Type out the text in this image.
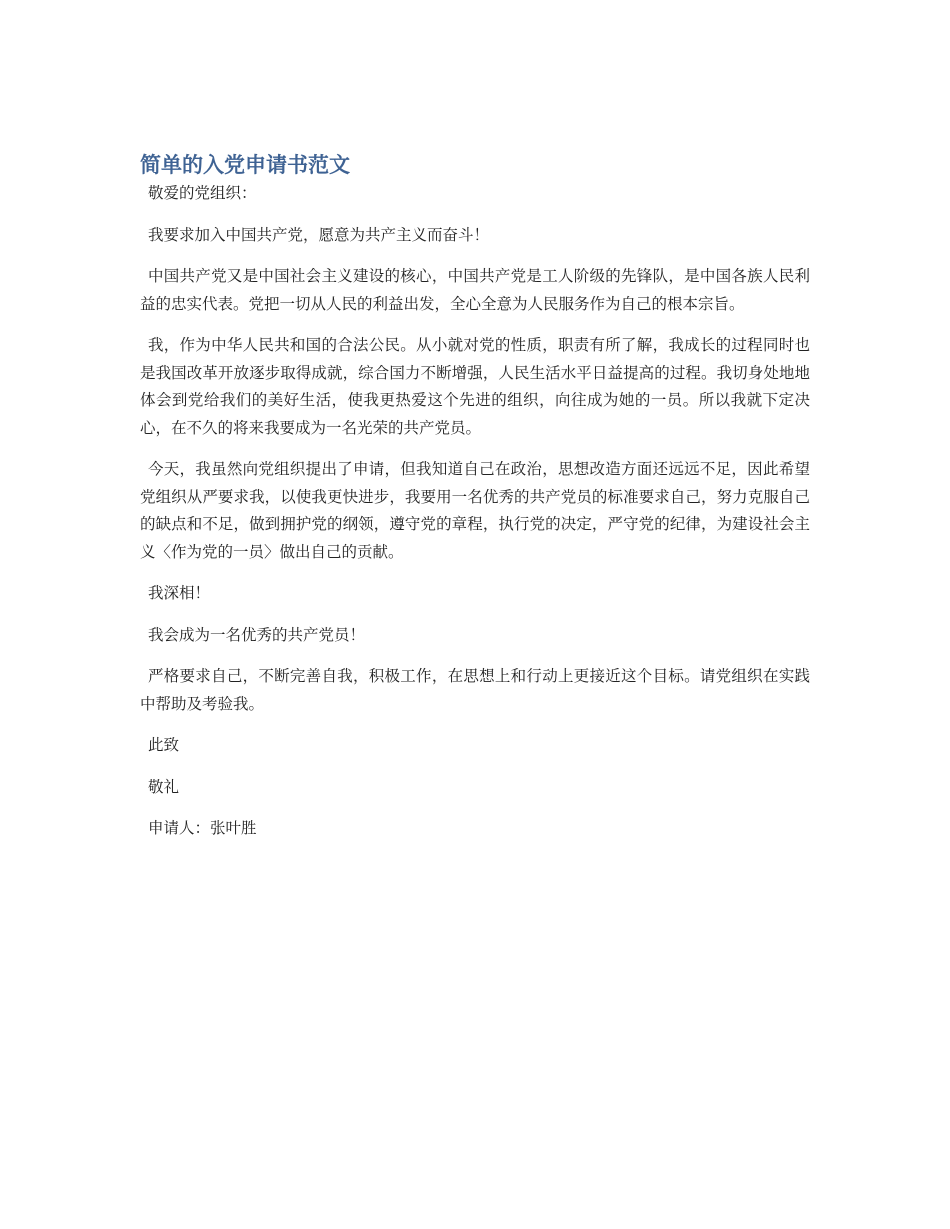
简单的入党申请书范文

敬爱的党组织：

我要求加入中国共产党，愿意为共产主义而奋斗！

中国共产党又是中国社会主义建设的核心，中国共产党是工人阶级的先锋队，是中国各族人民利益的忠实代表。党把一切从人民的利益出发，全心全意为人民服务作为自己的根本宗旨。

我，作为中华人民共和国的合法公民。从小就对党的性质，职责有所了解，我成长的过程同时也是我国改革开放逐步取得成就，综合国力不断增强，人民生活水平日益提高的过程。我切身处地地体会到党给我们的美好生活，使我更热爱这个先进的组织，向往成为她的一员。所以我就下定决心，在不久的将来我要成为一名光荣的共产党员。

今天，我虽然向党组织提出了申请，但我知道自己在政治，思想改造方面还远远不足，因此希望党组织从严要求我，以使我更快进步，我要用一名优秀的共产党员的标准要求自己，努力克服自己的缺点和不足，做到拥护党的纲领，遵守党的章程，执行党的决定，严守党的纪律，为建设社会主义〈作为党的一员〉做出自己的贡献。

我深相！

我会成为一名优秀的共产党员！

严格要求自己，不断完善自我，积极工作，在思想上和行动上更接近这个目标。请党组织在实践中帮助及考验我。

此致

敬礼

申请人：张叶胜
